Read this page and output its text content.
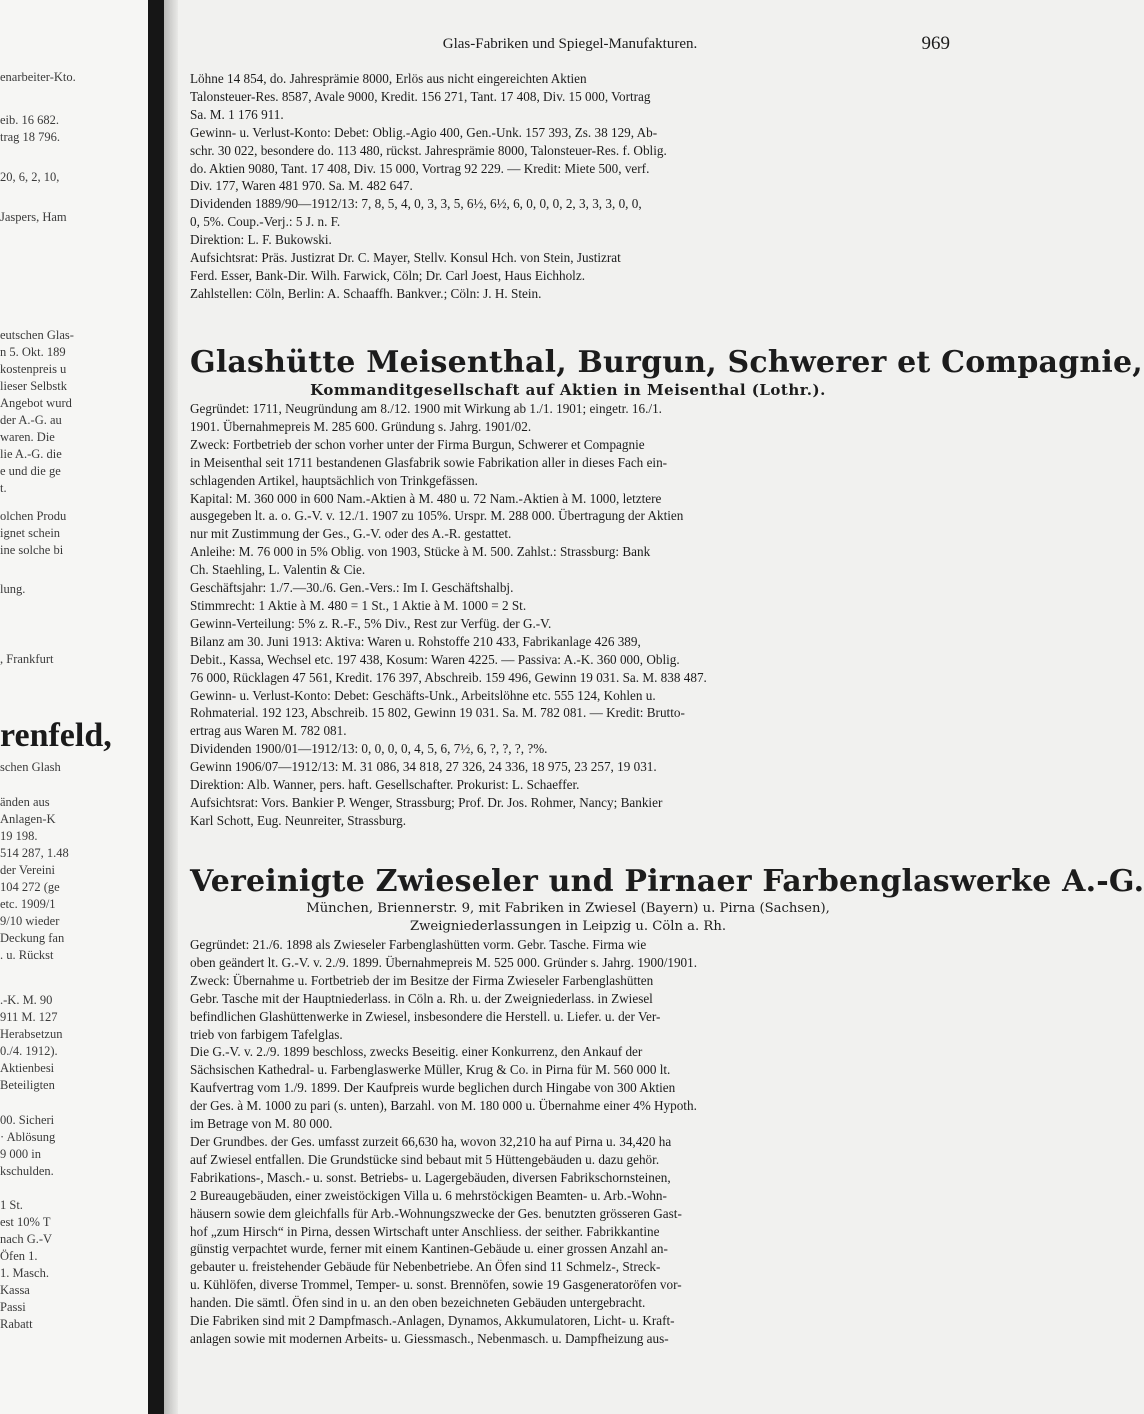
enarbeiter-Kto.
eib. 16 682.
trag 18 796.
20, 6, 2, 10,
Jaspers, Ham
eutschen Glas-
n 5. Okt. 189
kostenpreis u
lieser Selbstk
Angebot wurd
der A.-G. au
waren. Die
lie A.-G. die
e und die ge
t.
olchen Produ
ignet schein
ine solche bi
lung.
, Frankfurt
renfeld,
schen Glash
änden aus
Anlagen-K
19 198.
514 287, 1.48
der Vereini
104 272 (ge
etc. 1909/1
9/10 wieder
Deckung fan
. u. Rückst
.-K. M. 90
911 M. 127
Herabsetzun
0./4. 1912).
Aktienbesi
Beteiligten
00. Sicheri
· Ablösung
9 000 in
kschulden.
1 St.
est 10% T
nach G.-V
Öfen 1.
1. Masch.
Kassa
Passi
Rabatt
Glas-Fabriken und Spiegel-Manufakturen.	969
Löhne 14 854, do. Jahresprämie 8000, Erlös aus nicht eingereichten Aktien
Talonsteuer-Res. 8587, Avale 9000, Kredit. 156 271, Tant. 17 408, Div. 15 000, Vortrag
Sa. M. 1 176 911.
Gewinn- u. Verlust-Konto: Debet: Oblig.-Agio 400, Gen.-Unk. 157 393, Zs. 38 129, Ab-
schr. 30 022, besondere do. 113 480, rückst. Jahresprämie 8000, Talonsteuer-Res. f. Oblig.
do. Aktien 9080, Tant. 17 408, Div. 15 000, Vortrag 92 229. — Kredit: Miete 500, verf.
Div. 177, Waren 481 970. Sa. M. 482 647.
Dividenden 1889/90—1912/13: 7, 8, 5, 4, 0, 3, 3, 5, 6½, 6½, 6, 0, 0, 0, 2, 3, 3, 3, 0, 0,
0, 5%. Coup.-Verj.: 5 J. n. F.
Direktion: L. F. Bukowski.
Aufsichtsrat: Präs. Justizrat Dr. C. Mayer, Stellv. Konsul Hch. von Stein, Justizrat
Ferd. Esser, Bank-Dir. Wilh. Farwick, Cöln; Dr. Carl Joest, Haus Eichholz.
Zahlstellen: Cöln, Berlin: A. Schaaffh. Bankver.; Cöln: J. H. Stein.
Glashütte Meisenthal, Burgun, Schwerer et Compagnie,
Kommanditgesellschaft auf Aktien in Meisenthal (Lothr.).
Gegründet: 1711, Neugründung am 8./12. 1900 mit Wirkung ab 1./1. 1901; eingetr. 16./1.
1901. Übernahmepreis M. 285 600. Gründung s. Jahrg. 1901/02.
Zweck: Fortbetrieb der schon vorher unter der Firma Burgun, Schwerer et Compagnie
in Meisenthal seit 1711 bestandenen Glasfabrik sowie Fabrikation aller in dieses Fach ein-
schlagenden Artikel, hauptsächlich von Trinkgefässen.
Kapital: M. 360 000 in 600 Nam.-Aktien à M. 480 u. 72 Nam.-Aktien à M. 1000, letztere
ausgegeben lt. a. o. G.-V. v. 12./1. 1907 zu 105%. Urspr. M. 288 000. Übertragung der Aktien
nur mit Zustimmung der Ges., G.-V. oder des A.-R. gestattet.
Anleihe: M. 76 000 in 5% Oblig. von 1903, Stücke à M. 500. Zahlst.: Strassburg: Bank
Ch. Staehling, L. Valentin & Cie.
Geschäftsjahr: 1./7.—30./6. Gen.-Vers.: Im I. Geschäftshalbj.
Stimmrecht: 1 Aktie à M. 480 = 1 St., 1 Aktie à M. 1000 = 2 St.
Gewinn-Verteilung: 5% z. R.-F., 5% Div., Rest zur Verfüg. der G.-V.
Bilanz am 30. Juni 1913: Aktiva: Waren u. Rohstoffe 210 433, Fabrikanlage 426 389,
Debit., Kassa, Wechsel etc. 197 438, Kosum: Waren 4225. — Passiva: A.-K. 360 000, Oblig.
76 000, Rücklagen 47 561, Kredit. 176 397, Abschreib. 159 496, Gewinn 19 031. Sa. M. 838 487.
Gewinn- u. Verlust-Konto: Debet: Geschäfts-Unk., Arbeitslöhne etc. 555 124, Kohlen u.
Rohmaterial. 192 123, Abschreib. 15 802, Gewinn 19 031. Sa. M. 782 081. — Kredit: Brutto-
ertrag aus Waren M. 782 081.
Dividenden 1900/01—1912/13: 0, 0, 0, 0, 4, 5, 6, 7½, 6, ?, ?, ?, ?%.
Gewinn 1906/07—1912/13: M. 31 086, 34 818, 27 326, 24 336, 18 975, 23 257, 19 031.
Direktion: Alb. Wanner, pers. haft. Gesellschafter. Prokurist: L. Schaeffer.
Aufsichtsrat: Vors. Bankier P. Wenger, Strassburg; Prof. Dr. Jos. Rohmer, Nancy; Bankier
Karl Schott, Eug. Neunreiter, Strassburg.
Vereinigte Zwieseler und Pirnaer Farbenglaswerke A.-G.
München, Briennerstr. 9, mit Fabriken in Zwiesel (Bayern) u. Pirna (Sachsen),
Zweigniederlassungen in Leipzig u. Cöln a. Rh.
Gegründet: 21./6. 1898 als Zwieseler Farbenglashütten vorm. Gebr. Tasche. Firma wie
oben geändert lt. G.-V. v. 2./9. 1899. Übernahmepreis M. 525 000. Gründer s. Jahrg. 1900/1901.
Zweck: Übernahme u. Fortbetrieb der im Besitze der Firma Zwieseler Farbenglashütten
Gebr. Tasche mit der Hauptniederlass. in Cöln a. Rh. u. der Zweigniederlass. in Zwiesel
befindlichen Glashüttenwerke in Zwiesel, insbesondere die Herstell. u. Liefer. u. der Ver-
trieb von farbigem Tafelglas.
Die G.-V. v. 2./9. 1899 beschloss, zwecks Beseitig. einer Konkurrenz, den Ankauf der
Sächsischen Kathedral- u. Farbenglaswerke Müller, Krug & Co. in Pirna für M. 560 000 lt.
Kaufvertrag vom 1./9. 1899. Der Kaufpreis wurde beglichen durch Hingabe von 300 Aktien
der Ges. à M. 1000 zu pari (s. unten), Barzahl. von M. 180 000 u. Übernahme einer 4% Hypoth.
im Betrage von M. 80 000.
Der Grundbes. der Ges. umfasst zurzeit 66,630 ha, wovon 32,210 ha auf Pirna u. 34,420 ha
auf Zwiesel entfallen. Die Grundstücke sind bebaut mit 5 Hüttengebäuden u. dazu gehör.
Fabrikations-, Masch.- u. sonst. Betriebs- u. Lagergebäuden, diversen Fabrikschornsteinen,
2 Bureaugebäuden, einer zweistöckigen Villa u. 6 mehrstöckigen Beamten- u. Arb.-Wohn-
häusern sowie dem gleichfalls für Arb.-Wohnungszwecke der Ges. benutzten grösseren Gast-
hof „zum Hirsch“ in Pirna, dessen Wirtschaft unter Anschliess. der seither. Fabrikkantine
günstig verpachtet wurde, ferner mit einem Kantinen-Gebäude u. einer grossen Anzahl an-
gebauter u. freistehender Gebäude für Nebenbetriebe. An Öfen sind 11 Schmelz-, Streck-
u. Kühlöfen, diverse Trommel, Temper- u. sonst. Brennöfen, sowie 19 Gasgeneratoröfen vor-
handen. Die sämtl. Öfen sind in u. an den oben bezeichneten Gebäuden untergebracht.
Die Fabriken sind mit 2 Dampfmasch.-Anlagen, Dynamos, Akkumulatoren, Licht- u. Kraft-
anlagen sowie mit modernen Arbeits- u. Giessmasch., Nebenmasch. u. Dampfheizung aus-
